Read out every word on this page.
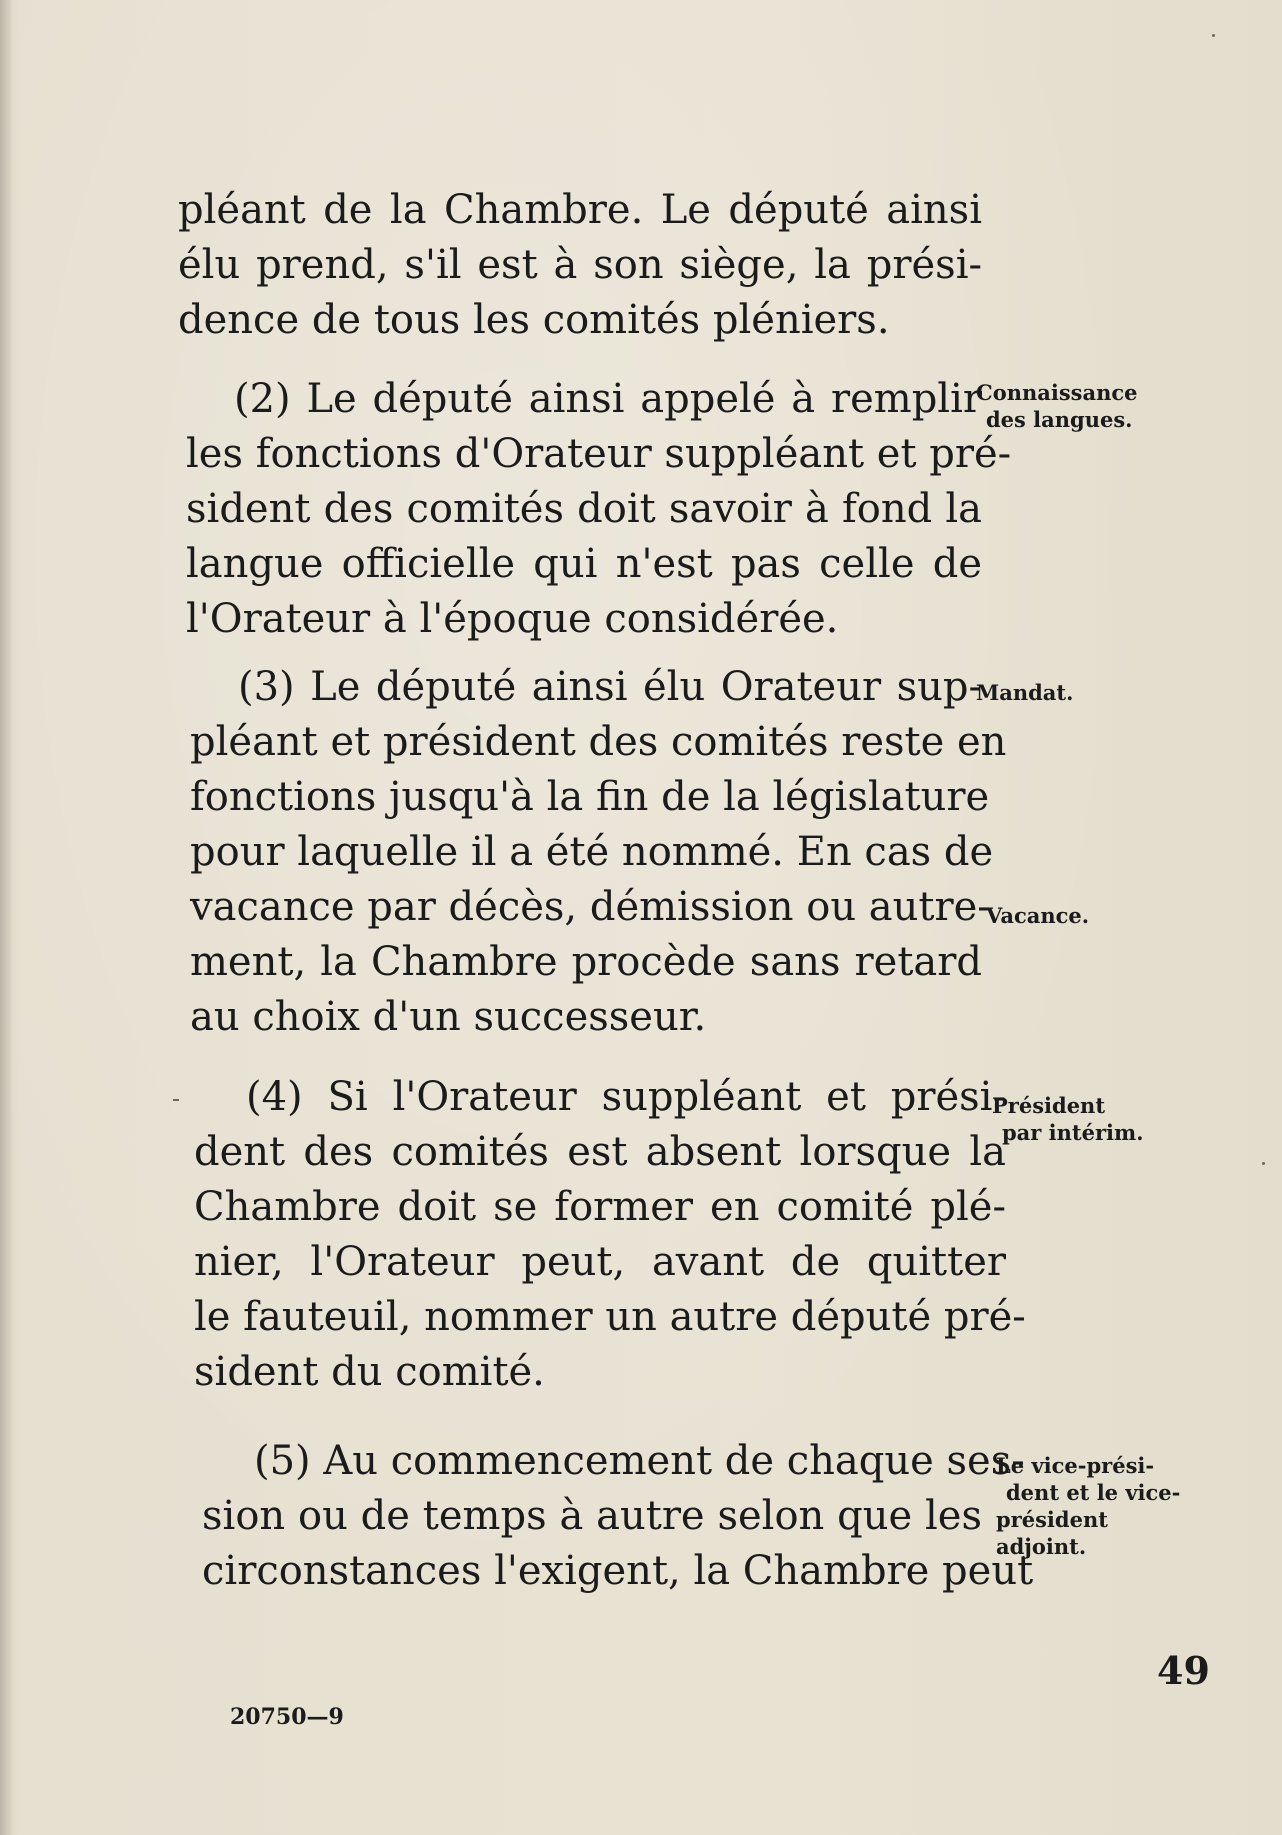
pléant de la Chambre. Le député ainsi
élu prend, s'il est à son siège, la prési-
dence de tous les comités pléniers.
(2) Le député ainsi appelé à remplir
les fonctions d'Orateur suppléant et pré-
sident des comités doit savoir à fond la
langue officielle qui n'est pas celle de
l'Orateur à l'époque considérée.
(3) Le député ainsi élu Orateur sup-
pléant et président des comités reste en
fonctions jusqu'à la fin de la législature
pour laquelle il a été nommé. En cas de
vacance par décès, démission ou autre-
ment, la Chambre procède sans retard
au choix d'un successeur.
(4) Si l'Orateur suppléant et prési-
dent des comités est absent lorsque la
Chambre doit se former en comité plé-
nier, l'Orateur peut, avant de quitter
le fauteuil, nommer un autre député pré-
sident du comité.
(5) Au commencement de chaque ses-
sion ou de temps à autre selon que les
circonstances l'exigent, la Chambre peut
Connaissance
des langues.
Mandat.
Vacance.
Président
par intérim.
Le vice-prési-
dent et le vice-
président
adjoint.
49
20750—9
